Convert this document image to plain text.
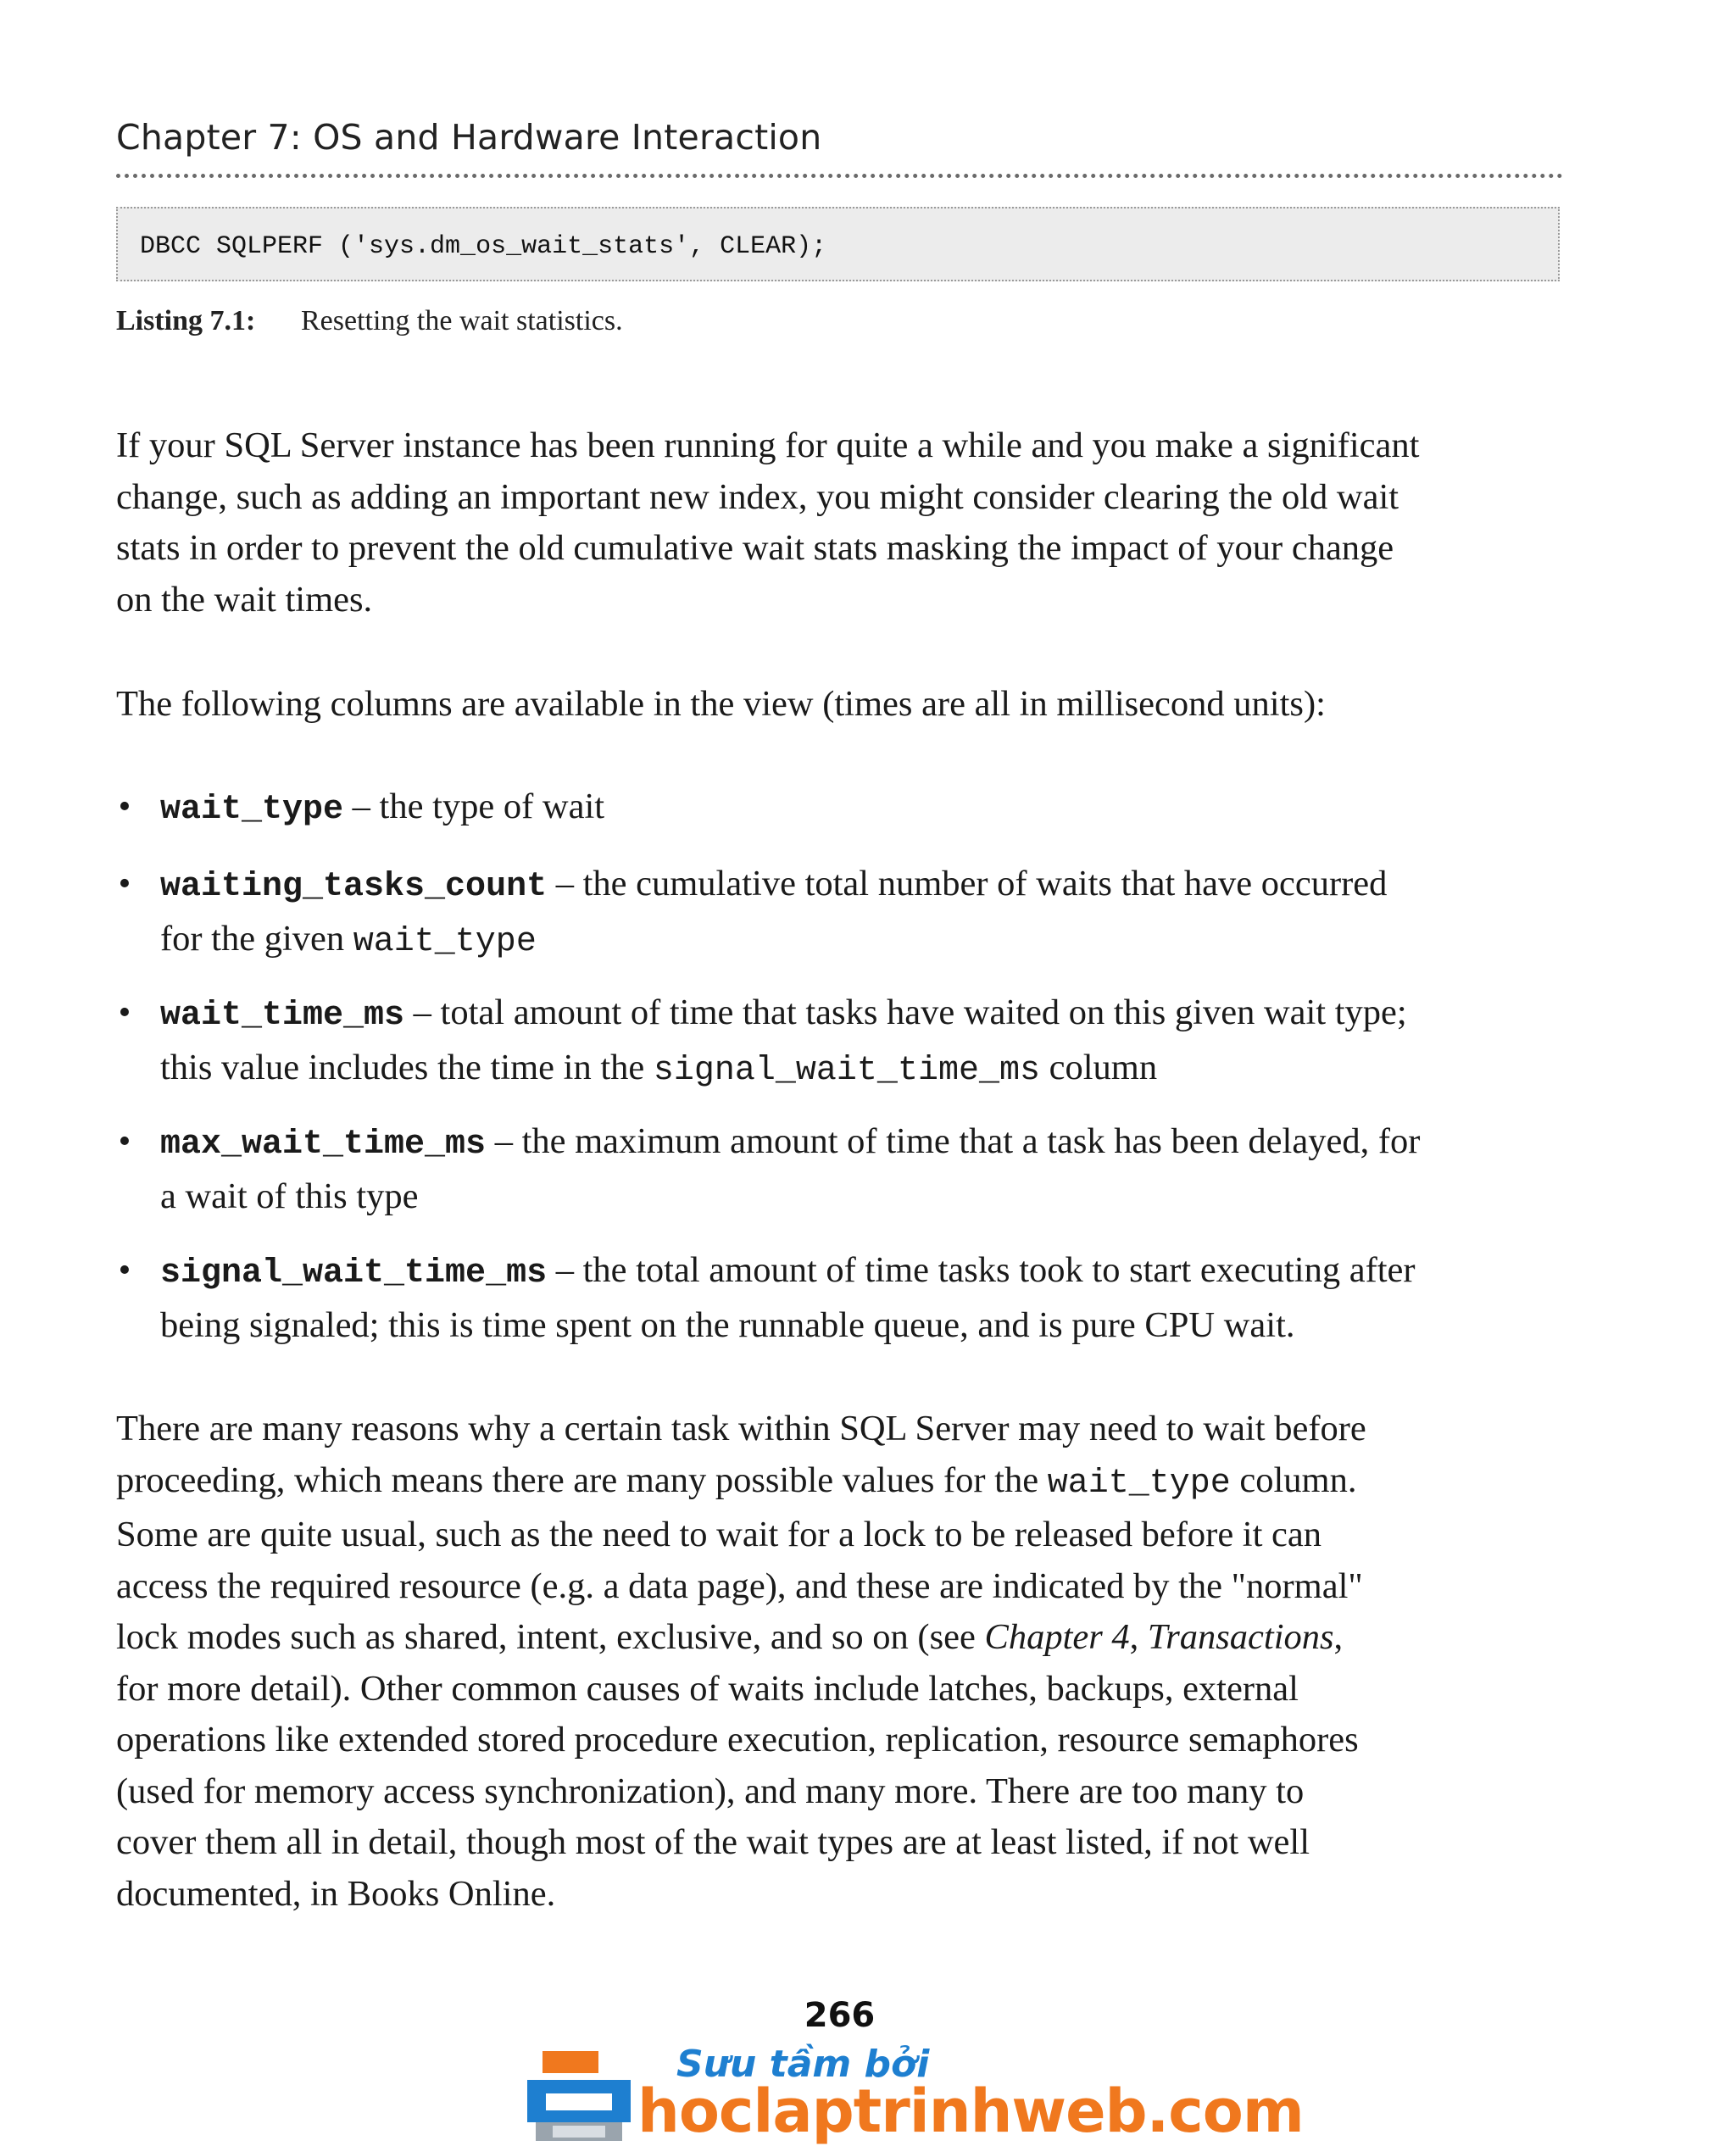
Chapter 7: OS and Hardware Interaction
DBCC SQLPERF ('sys.dm_os_wait_stats', CLEAR);
Listing 7.1: Resetting the wait statistics.
If your SQL Server instance has been running for quite a while and you make a significant
change, such as adding an important new index, you might consider clearing the old wait
stats in order to prevent the old cumulative wait stats masking the impact of your change
on the wait times.
The following columns are available in the view (times are all in millisecond units):
• wait_type – the type of wait
• waiting_tasks_count – the cumulative total number of waits that have occurred
for the given wait_type
• wait_time_ms – total amount of time that tasks have waited on this given wait type;
this value includes the time in the signal_wait_time_ms column
• max_wait_time_ms – the maximum amount of time that a task has been delayed, for
a wait of this type
• signal_wait_time_ms – the total amount of time tasks took to start executing after
being signaled; this is time spent on the runnable queue, and is pure CPU wait.
There are many reasons why a certain task within SQL Server may need to wait before
proceeding, which means there are many possible values for the wait_type column.
Some are quite usual, such as the need to wait for a lock to be released before it can
access the required resource (e.g. a data page), and these are indicated by the "normal"
lock modes such as shared, intent, exclusive, and so on (see Chapter 4, Transactions,
for more detail). Other common causes of waits include latches, backups, external
operations like extended stored procedure execution, replication, resource semaphores
(used for memory access synchronization), and many more. There are too many to
cover them all in detail, though most of the wait types are at least listed, if not well
documented, in Books Online.
266
Sưu tầm bởi
hoclaptrinhweb.com
